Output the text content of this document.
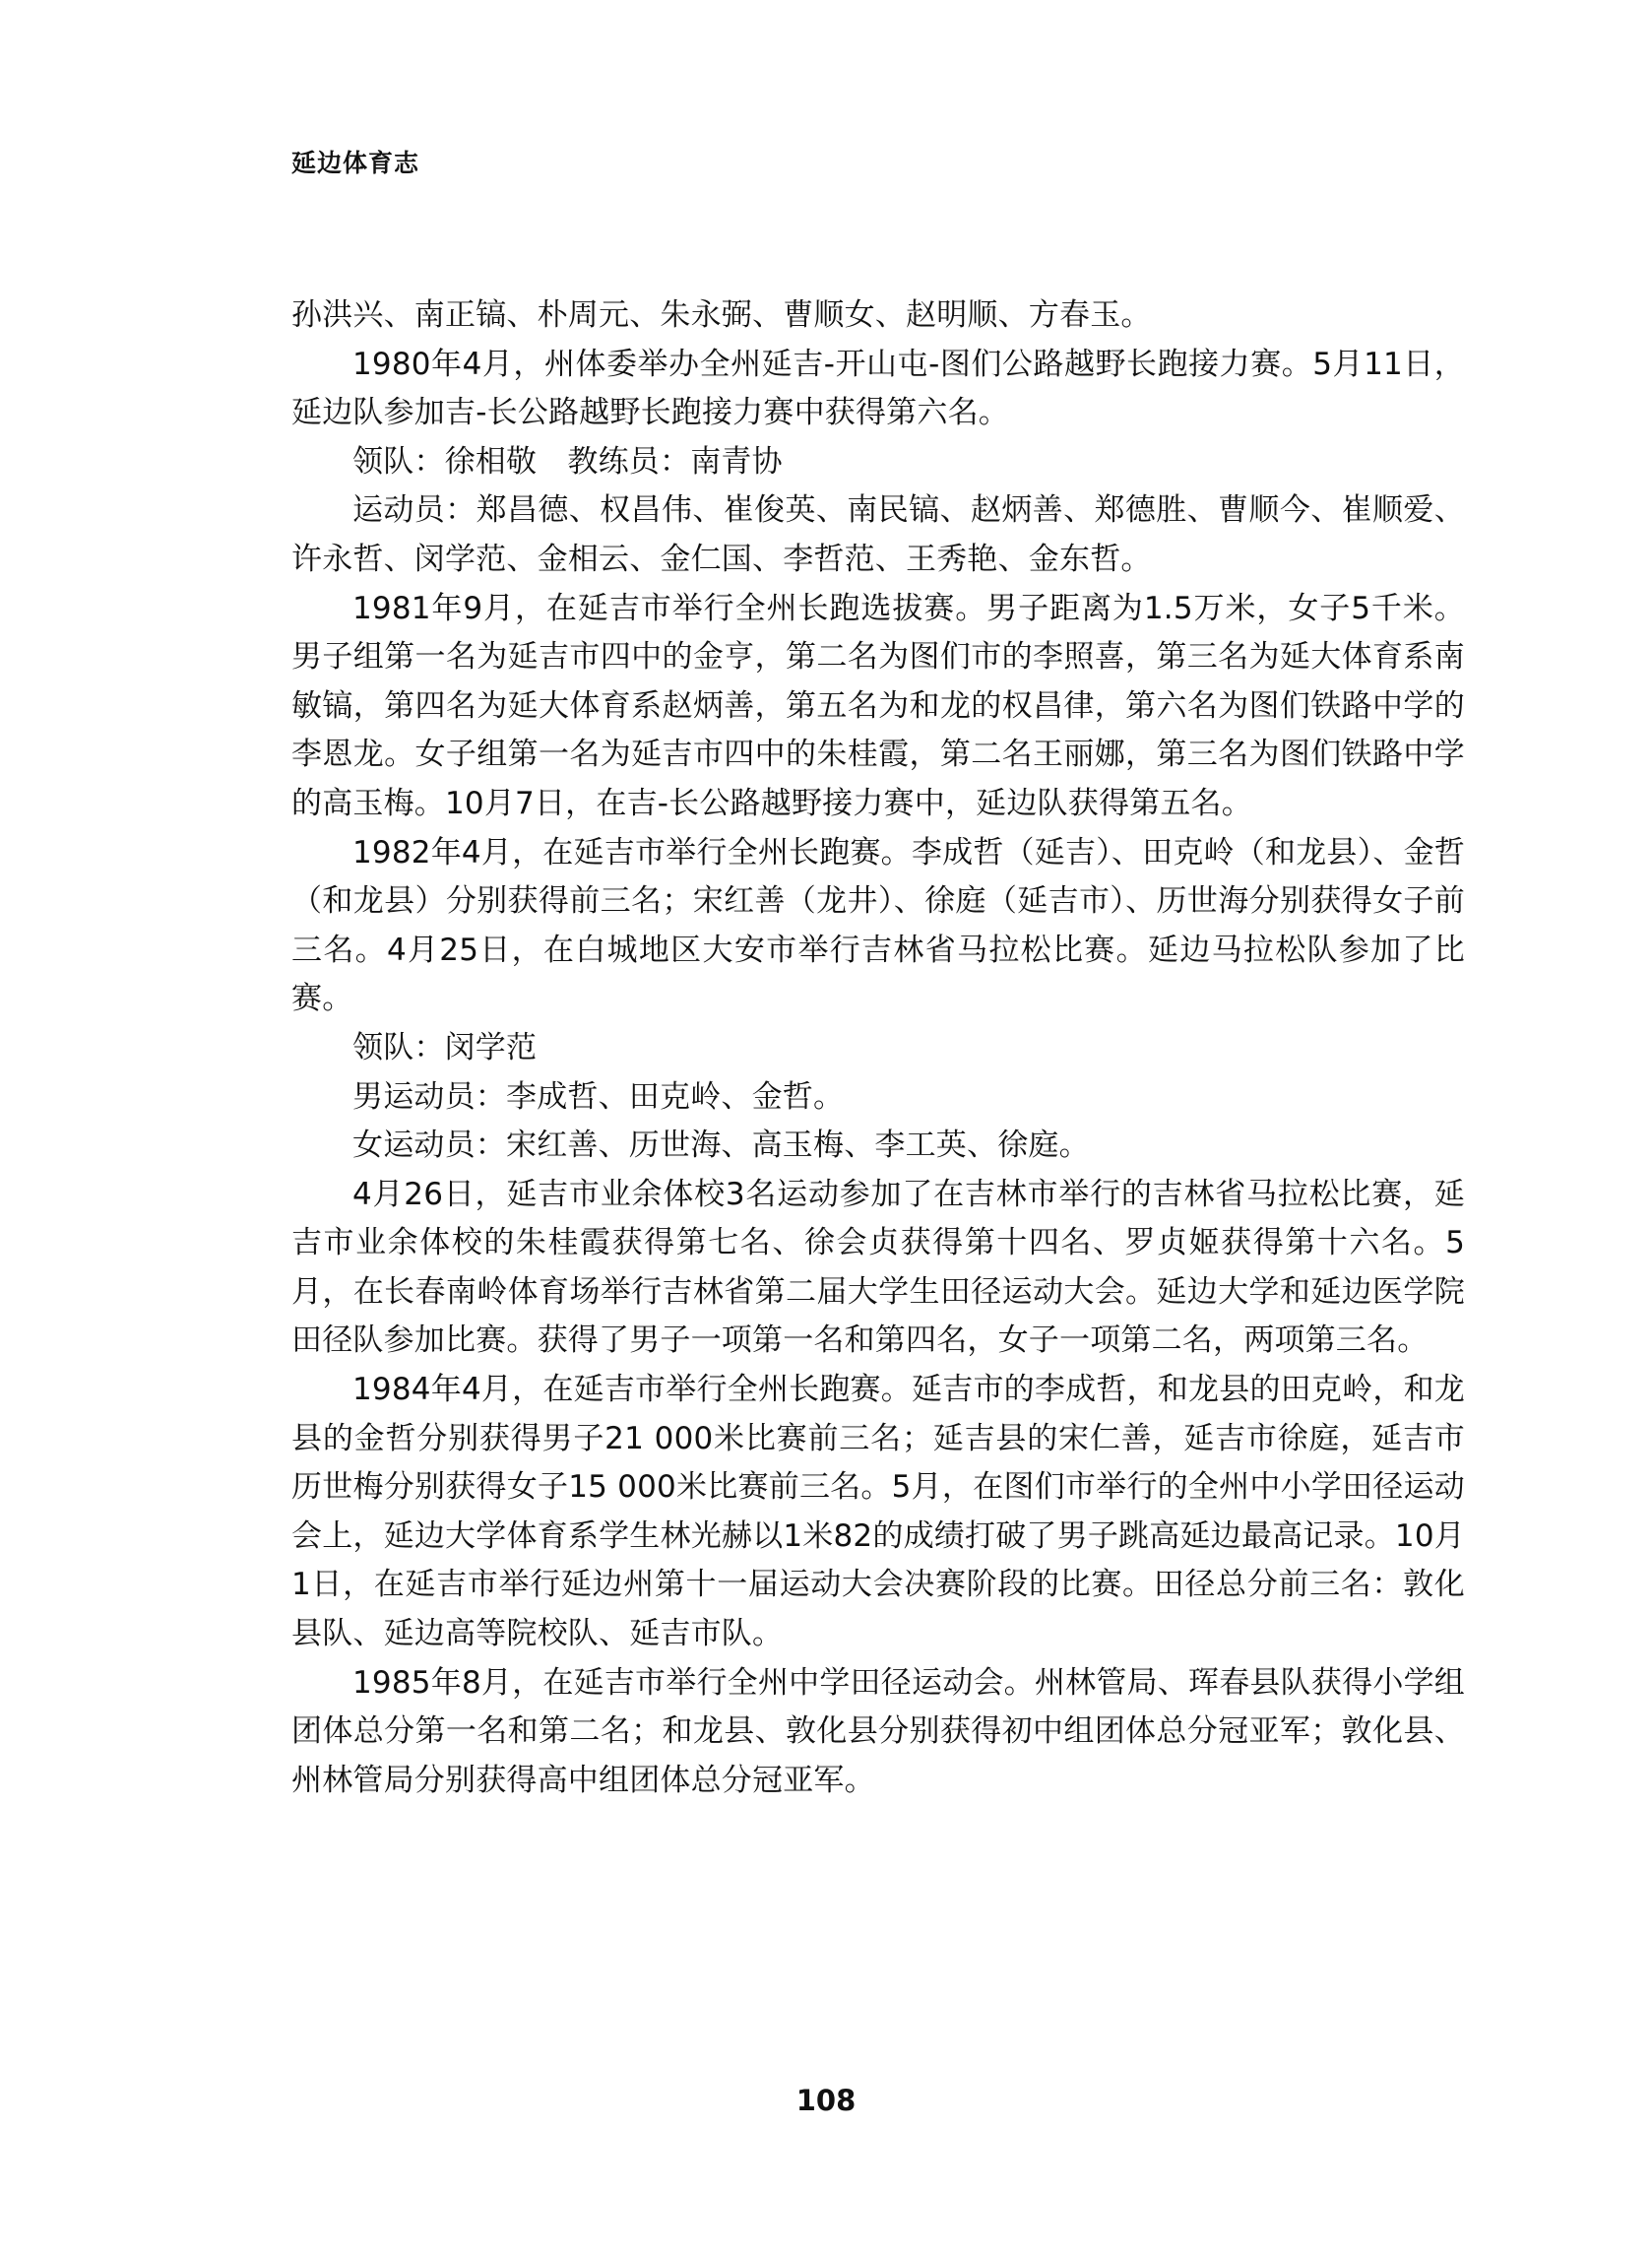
延边体育志

孙洪兴、南正镐、朴周元、朱永弼、曹顺女、赵明顺、方春玉。

1980年4月，州体委举办全州延吉-开山屯-图们公路越野长跑接力赛。5月11日，延边队参加吉-长公路越野长跑接力赛中获得第六名。

领队：徐相敬　教练员：南青协

运动员：郑昌德、权昌伟、崔俊英、南民镐、赵炳善、郑德胜、曹顺今、崔顺爱、许永哲、闵学范、金相云、金仁国、李哲范、王秀艳、金东哲。

1981年9月，在延吉市举行全州长跑选拔赛。男子距离为1.5万米，女子5千米。男子组第一名为延吉市四中的金亨，第二名为图们市的李照喜，第三名为延大体育系南敏镐，第四名为延大体育系赵炳善，第五名为和龙的权昌律，第六名为图们铁路中学的李恩龙。女子组第一名为延吉市四中的朱桂霞，第二名王丽娜，第三名为图们铁路中学的高玉梅。10月7日，在吉-长公路越野接力赛中，延边队获得第五名。

1982年4月，在延吉市举行全州长跑赛。李成哲（延吉）、田克岭（和龙县）、金哲（和龙县）分别获得前三名；宋红善（龙井）、徐庭（延吉市）、历世海分别获得女子前三名。4月25日，在白城地区大安市举行吉林省马拉松比赛。延边马拉松队参加了比赛。

领队：闵学范

男运动员：李成哲、田克岭、金哲。

女运动员：宋红善、历世海、高玉梅、李工英、徐庭。

4月26日，延吉市业余体校3名运动参加了在吉林市举行的吉林省马拉松比赛，延吉市业余体校的朱桂霞获得第七名、徐会贞获得第十四名、罗贞姬获得第十六名。5月，在长春南岭体育场举行吉林省第二届大学生田径运动大会。延边大学和延边医学院田径队参加比赛。获得了男子一项第一名和第四名，女子一项第二名，两项第三名。

1984年4月，在延吉市举行全州长跑赛。延吉市的李成哲，和龙县的田克岭，和龙县的金哲分别获得男子21 000米比赛前三名；延吉县的宋仁善，延吉市徐庭，延吉市历世梅分别获得女子15 000米比赛前三名。5月，在图们市举行的全州中小学田径运动会上，延边大学体育系学生林光赫以1米82的成绩打破了男子跳高延边最高记录。10月1日，在延吉市举行延边州第十一届运动大会决赛阶段的比赛。田径总分前三名：敦化县队、延边高等院校队、延吉市队。

1985年8月，在延吉市举行全州中学田径运动会。州林管局、珲春县队获得小学组团体总分第一名和第二名；和龙县、敦化县分别获得初中组团体总分冠亚军；敦化县、州林管局分别获得高中组团体总分冠亚军。

108
